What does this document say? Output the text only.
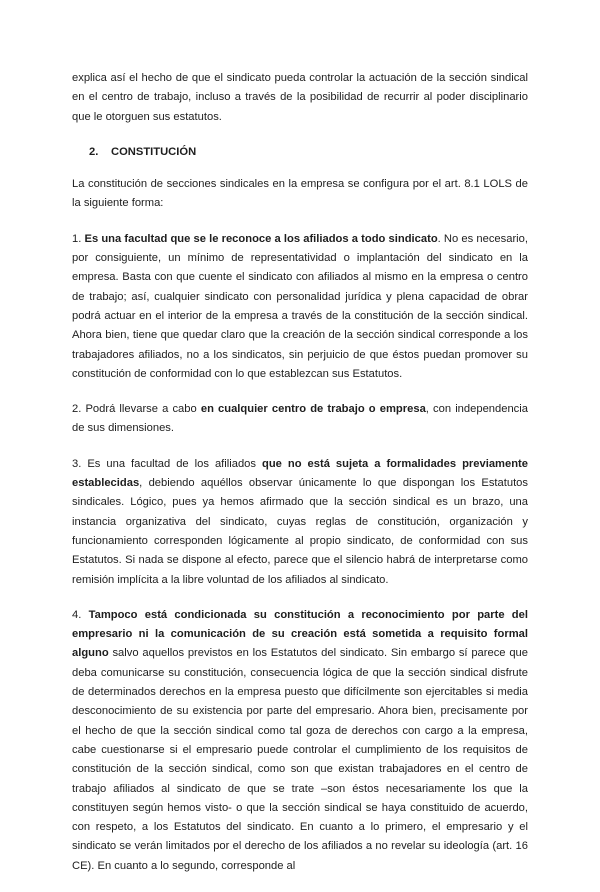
explica así el hecho de que el sindicato pueda controlar la actuación de la sección sindical en el centro de trabajo, incluso a través de la posibilidad de recurrir al poder disciplinario que le otorguen sus estatutos.

2. CONSTITUCIÓN

La constitución de secciones sindicales en la empresa se configura por el art. 8.1 LOLS de la siguiente forma:

1. Es una facultad que se le reconoce a los afiliados a todo sindicato. No es necesario, por consiguiente, un mínimo de representatividad o implantación del sindicato en la empresa. Basta con que cuente el sindicato con afiliados al mismo en la empresa o centro de trabajo; así, cualquier sindicato con personalidad jurídica y plena capacidad de obrar podrá actuar en el interior de la empresa a través de la constitución de la sección sindical. Ahora bien, tiene que quedar claro que la creación de la sección sindical corresponde a los trabajadores afiliados, no a los sindicatos, sin perjuicio de que éstos puedan promover su constitución de conformidad con lo que establezcan sus Estatutos.

2. Podrá llevarse a cabo en cualquier centro de trabajo o empresa, con independencia de sus dimensiones.

3. Es una facultad de los afiliados que no está sujeta a formalidades previamente establecidas, debiendo aquéllos observar únicamente lo que dispongan los Estatutos sindicales. Lógico, pues ya hemos afirmado que la sección sindical es un brazo, una instancia organizativa del sindicato, cuyas reglas de constitución, organización y funcionamiento corresponden lógicamente al propio sindicato, de conformidad con sus Estatutos. Si nada se dispone al efecto, parece que el silencio habrá de interpretarse como remisión implícita a la libre voluntad de los afiliados al sindicato.

4. Tampoco está condicionada su constitución a reconocimiento por parte del empresario ni la comunicación de su creación está sometida a requisito formal alguno salvo aquellos previstos en los Estatutos del sindicato. Sin embargo sí parece que deba comunicarse su constitución, consecuencia lógica de que la sección sindical disfrute de determinados derechos en la empresa puesto que difícilmente son ejercitables si media desconocimiento de su existencia por parte del empresario. Ahora bien, precisamente por el hecho de que la sección sindical como tal goza de derechos con cargo a la empresa, cabe cuestionarse si el empresario puede controlar el cumplimiento de los requisitos de constitución de la sección sindical, como son que existan trabajadores en el centro de trabajo afiliados al sindicato de que se trate –son éstos necesariamente los que la constituyen según hemos visto- o que la sección sindical se haya constituido de acuerdo, con respeto, a los Estatutos del sindicato. En cuanto a lo primero, el empresario y el sindicato se verán limitados por el derecho de los afiliados a no revelar su ideología (art. 16 CE). En cuanto a lo segundo, corresponde al
